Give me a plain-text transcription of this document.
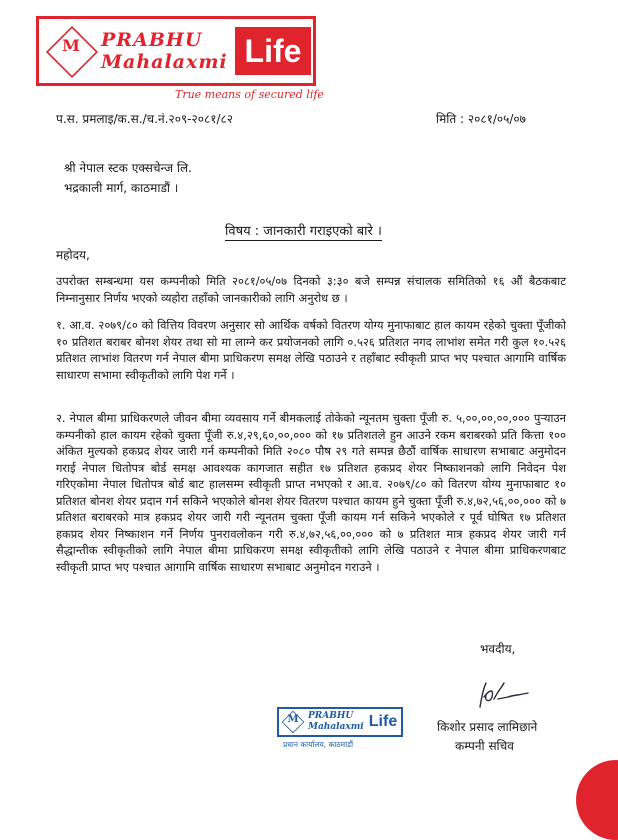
M PRABHU
Mahalaxmi Life
True means of secured life
प.स. प्रमलाइ/क.स./च.नं.२०९-२०८१/८२	मिति : २०८१/०५/०७
श्री नेपाल स्टक एक्सचेन्ज लि.
भद्रकाली मार्ग, काठमाडौं ।
विषय : जानकारी गराइएको बारे ।
महोदय,
उपरोक्त सम्बन्धमा यस कम्पनीको मिति २०८१/०५/०७ दिनको ३:३० बजे सम्पन्न संचालक समितिको १६ औं बैठकबाट निम्नानुसार निर्णय भएको व्यहोरा तहाँको जानकारीको लागि अनुरोध छ ।
१. आ.व. २०७९/८० को वित्तिय विवरण अनुसार सो आर्थिक वर्षको वितरण योग्य मुनाफाबाट हाल कायम रहेको चुक्ता पूँजीको १० प्रतिशत बराबर बोनश शेयर तथा सो मा लाग्ने कर प्रयोजनको लागि ०.५२६ प्रतिशत नगद लाभांश समेत गरी कुल १०.५२६ प्रतिशत लाभांश वितरण गर्न नेपाल बीमा प्राधिकरण समक्ष लेखि पठाउने र तहाँबाट स्वीकृती प्राप्त भए पश्चात आगामि वार्षिक साधारण सभामा स्वीकृतीको लागि पेश गर्ने ।
२. नेपाल बीमा प्राधिकरणले जीवन बीमा व्यवसाय गर्ने बीमकलाई तोकेको न्यूनतम चुक्ता पूँजी रु. ५,००,००,००,००० पुऱ्याउन कम्पनीको हाल कायम रहेको चुक्ता पूँजी रु.४,२९,६०,००,००० को १७ प्रतिशतले हुन आउने रकम बराबरको प्रति कित्ता १०० अंकित मुल्यको हकप्रद शेयर जारी गर्न कम्पनीको मिति २०८० पौष २९ गते सम्पन्न छैठौं वार्षिक साधारण सभाबाट अनुमोदन गराई नेपाल धितोपत्र बोर्ड समक्ष आवश्यक कागजात सहीत १७ प्रतिशत हकप्रद शेयर निष्काशनको लागि निवेदन पेश गरिएकोमा नेपाल धितोपत्र बोर्ड बाट हालसम्म स्वीकृती प्राप्त नभएको र आ.व. २०७९/८० को वितरण योग्य मुनाफाबाट १० प्रतिशत बोनश शेयर प्रदान गर्न सकिने भएकोले बोनश शेयर वितरण पश्चात कायम हुने चुक्ता पूँजी रु.४,७२,५६,००,००० को ७ प्रतिशत बराबरको मात्र हकप्रद शेयर जारी गरी न्यूनतम चुक्ता पूँजी कायम गर्न सकिने भएकोले र पूर्व घोषित १७ प्रतिशत हकप्रद शेयर निष्काशन गर्ने निर्णय पुनरावलोकन गरी रु.४,७२,५६,००,००० को ७ प्रतिशत मात्र हकप्रद शेयर जारी गर्न सैद्धान्तीक स्वीकृतीको लागि नेपाल बीमा प्राधिकरण समक्ष स्वीकृतीको लागि लेखि पठाउने र नेपाल बीमा प्राधिकरणबाट स्वीकृती प्राप्त भए पश्चात आगामि वार्षिक साधारण सभाबाट अनुमोदन गराउने ।
भवदीय,
किशोर प्रसाद लामिछाने
कम्पनी सचिव
M PRABHU
Mahalaxmi Life
प्रधान कार्यालय, काठमाडौं
